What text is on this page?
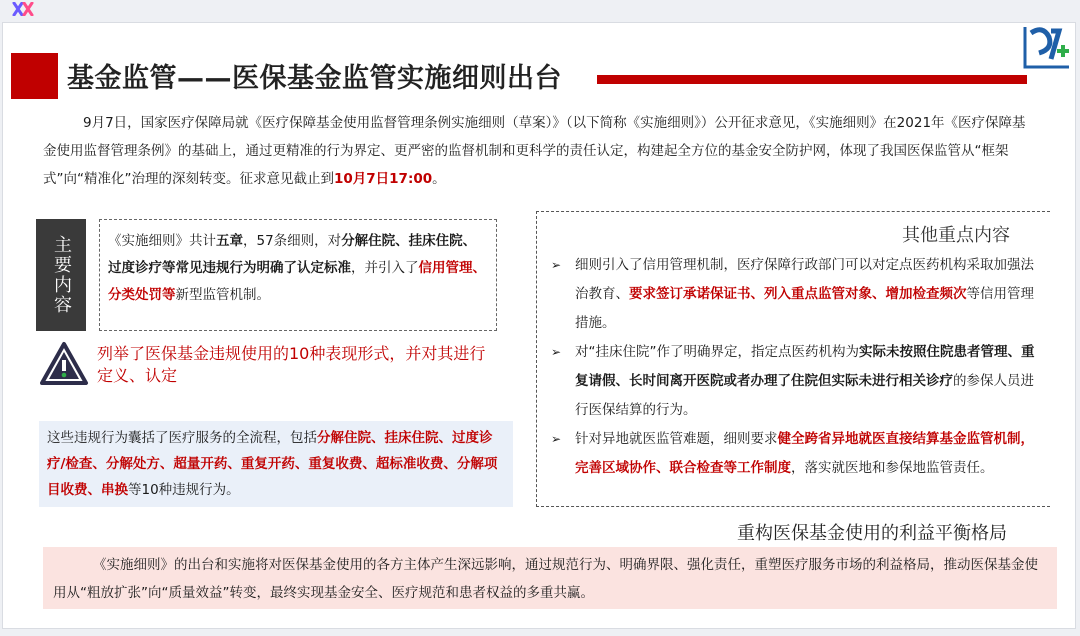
基金监管——医保基金监管实施细则出台
9月7日，国家医疗保障局就《医疗保障基金使用监督管理条例实施细则（草案）》（以下简称《实施细则》）公开征求意见，《实施细则》在2021年《医疗保障基金使用监督管理条例》的基础上，通过更精准的行为界定、更严密的监督机制和更科学的责任认定，构建起全方位的基金安全防护网，体现了我国医保监管从“框架式”向“精准化”治理的深刻转变。征求意见截止到10月7日17:00。
主要内容	《实施细则》共计五章，57条细则，对分解住院、挂床住院、过度诊疗等常见违规行为明确了认定标准，并引入了信用管理、分类处罚等新型监管机制。
列举了医保基金违规使用的10种表现形式，并对其进行定义、认定
这些违规行为囊括了医疗服务的全流程，包括分解住院、挂床住院、过度诊疗/检查、分解处方、超量开药、重复开药、重复收费、超标准收费、分解项目收费、串换等10种违规行为。
其他重点内容
➢ 细则引入了信用管理机制，医疗保障行政部门可以对定点医药机构采取加强法治教育、要求签订承诺保证书、列入重点监管对象、增加检查频次等信用管理措施。
➢ 对“挂床住院”作了明确界定，指定点医药机构为实际未按照住院患者管理、重复请假、长时间离开医院或者办理了住院但实际未进行相关诊疗的参保人员进行医保结算的行为。
➢ 针对异地就医监管难题，细则要求健全跨省异地就医直接结算基金监管机制，完善区域协作、联合检查等工作制度，落实就医地和参保地监管责任。
重构医保基金使用的利益平衡格局
《实施细则》的出台和实施将对医保基金使用的各方主体产生深远影响，通过规范行为、明确界限、强化责任，重塑医疗服务市场的利益格局，推动医保基金使用从“粗放扩张”向“质量效益”转变，最终实现基金安全、医疗规范和患者权益的多重共赢。
